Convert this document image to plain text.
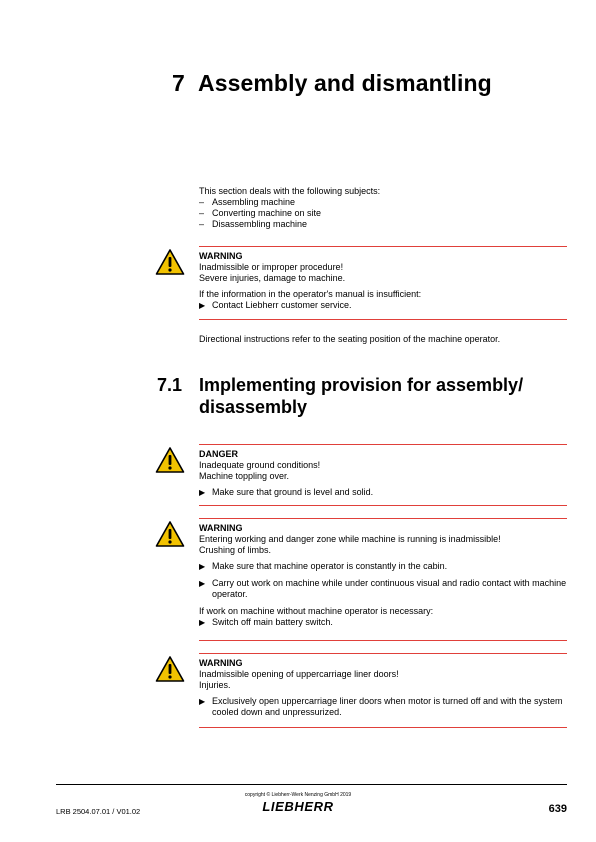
7 Assembly and dismantling
This section deals with the following subjects:
– Assembling machine
– Converting machine on site
– Disassembling machine
WARNING
Inadmissible or improper procedure!
Severe injuries, damage to machine.
If the information in the operator's manual is insufficient:
▶ Contact Liebherr customer service.
Directional instructions refer to the seating position of the machine operator.
7.1 Implementing provision for assembly/ disassembly
DANGER
Inadequate ground conditions!
Machine toppling over.
▶ Make sure that ground is level and solid.
WARNING
Entering working and danger zone while machine is running is inadmissible!
Crushing of limbs.
▶ Make sure that machine operator is constantly in the cabin.
▶ Carry out work on machine while under continuous visual and radio contact with machine operator.
If work on machine without machine operator is necessary:
▶ Switch off main battery switch.
WARNING
Inadmissible opening of uppercarriage liner doors!
Injuries.
▶ Exclusively open uppercarriage liner doors when motor is turned off and with the system cooled down and unpressurized.
copyright © Liebherr-Werk Nenzing GmbH 2019
LIEBHERR
LRB 2504.07.01 / V01.02	639
